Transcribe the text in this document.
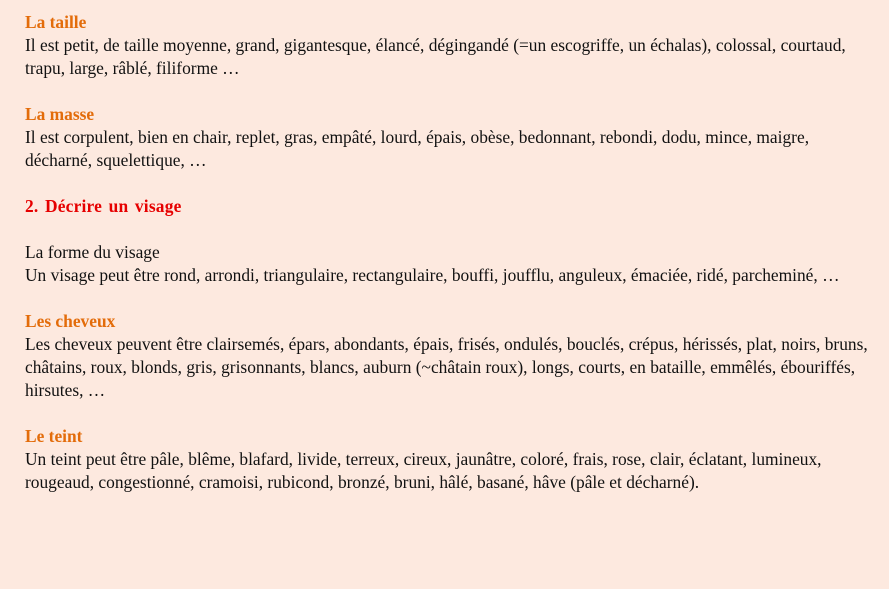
La taille
Il est petit, de taille moyenne, grand, gigantesque, élancé, dégingandé (=un escogriffe, un échalas), colossal, courtaud, trapu, large, râblé, filiforme …
La masse
Il est corpulent, bien en chair, replet, gras, empâté, lourd, épais, obèse, bedonnant, rebondi, dodu, mince, maigre, décharné, squelettique, …
2. Décrire un visage
La forme du visage
Un visage peut être rond, arrondi, triangulaire, rectangulaire, bouffi, joufflu, anguleux, émaciée, ridé, parcheminé, …
Les cheveux
Les cheveux peuvent être clairsemés, épars, abondants, épais, frisés, ondulés, bouclés, crépus, hérissés, plat, noirs, bruns, châtains, roux, blonds, gris, grisonnants, blancs, auburn (~châtain roux), longs, courts, en bataille, emmêlés, ébouriffés, hirsutes, …
Le teint
Un teint peut être pâle, blême, blafard, livide, terreux, cireux, jaunâtre, coloré, frais, rose, clair, éclatant, lumineux, rougeaud, congestionné, cramoisi, rubicond, bronzé, bruni, hâlé, basané, hâve (pâle et décharné).
